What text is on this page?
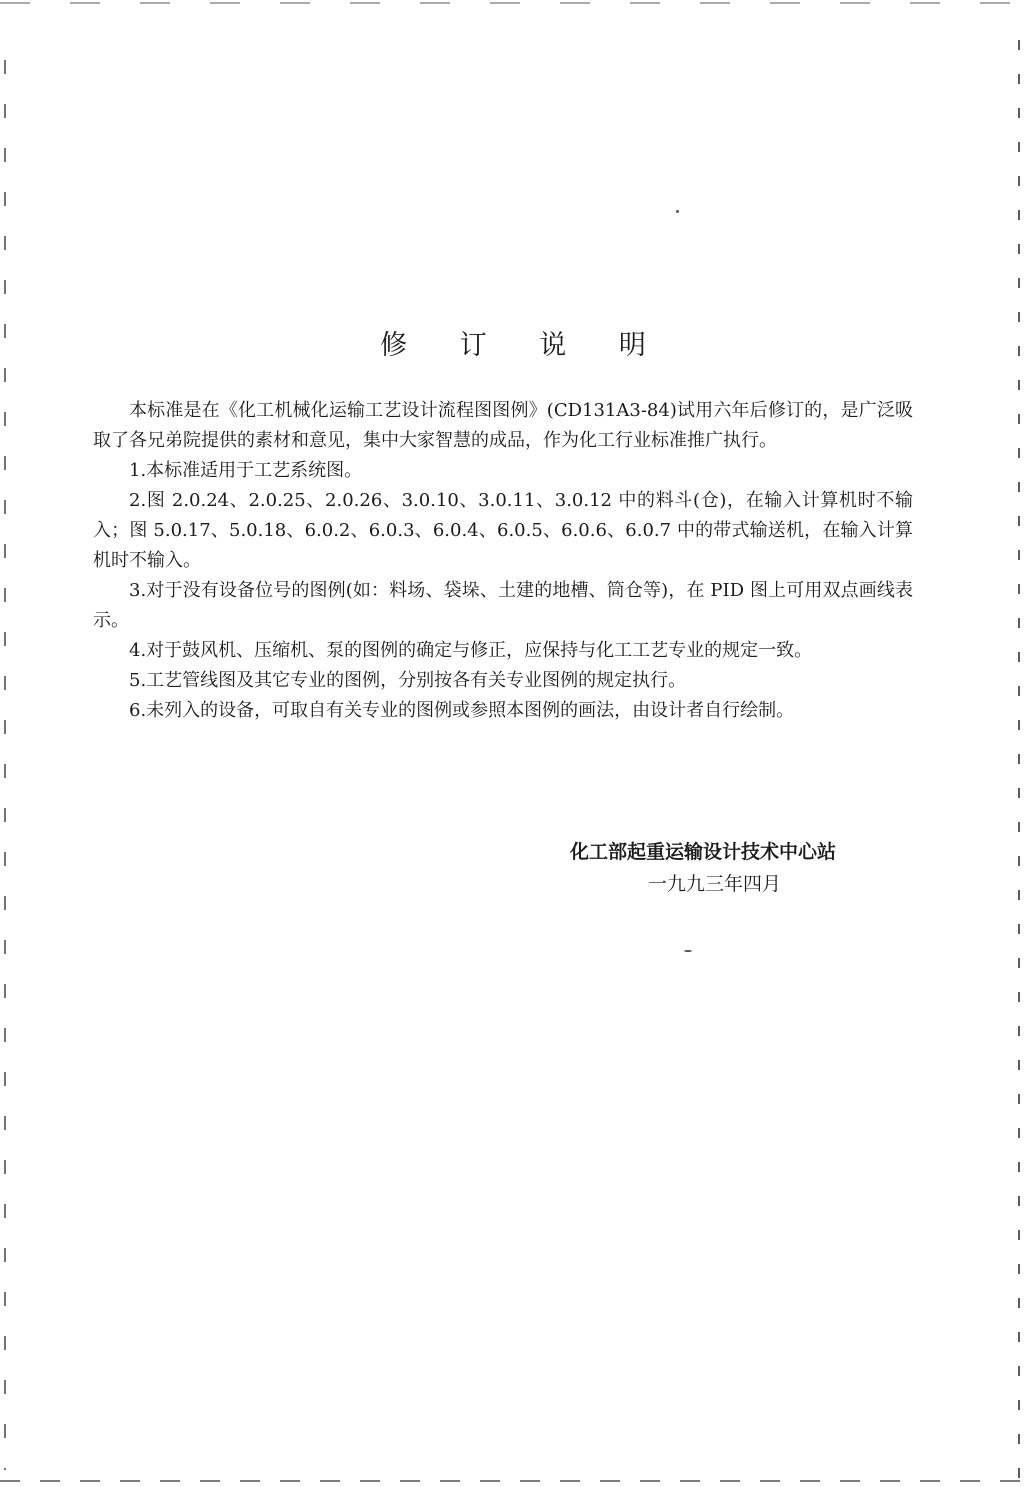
修 订 说 明

本标准是在《化工机械化运输工艺设计流程图图例》(CD131A3-84)试用六年后修订的，是广泛吸取了各兄弟院提供的素材和意见，集中大家智慧的成品，作为化工行业标准推广执行。

1.本标准适用于工艺系统图。

2.图 2.0.24、2.0.25、2.0.26、3.0.10、3.0.11、3.0.12 中的料斗(仓)，在输入计算机时不输入；图 5.0.17、5.0.18、6.0.2、6.0.3、6.0.4、6.0.5、6.0.6、6.0.7 中的带式输送机，在输入计算机时不输入。

3.对于没有设备位号的图例(如：料场、袋垛、土建的地槽、筒仓等)，在 PID 图上可用双点画线表示。

4.对于鼓风机、压缩机、泵的图例的确定与修正，应保持与化工工艺专业的规定一致。

5.工艺管线图及其它专业的图例，分别按各有关专业图例的规定执行。

6.未列入的设备，可取自有关专业的图例或参照本图例的画法，由设计者自行绘制。

化工部起重运输设计技术中心站
一九九三年四月
